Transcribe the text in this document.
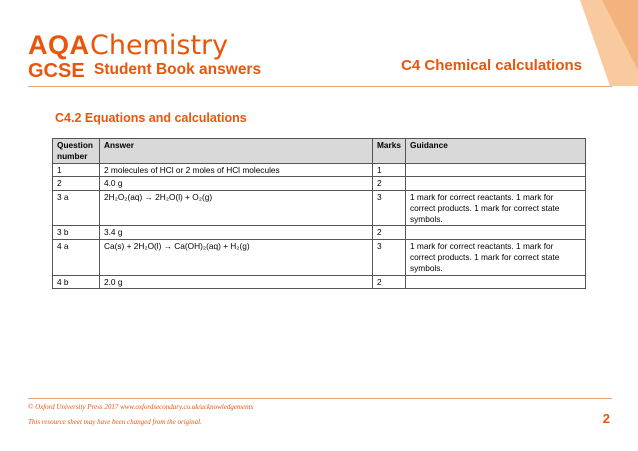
AQA Chemistry
GCSE Student Book answers	C4 Chemical calculations
C4.2 Equations and calculations
Question number	Answer	Marks	Guidance
1	2 molecules of HCl or 2 moles of HCl molecules	1	
2	4.0 g	2	
3 a	2H₂O₂(aq) → 2H₂O(l) + O₂(g)	3	1 mark for correct reactants. 1 mark for correct products. 1 mark for correct state symbols.
3 b	3.4 g	2	
4 a	Ca(s) + 2H₂O(l) → Ca(OH)₂(aq) + H₂(g)	3	1 mark for correct reactants. 1 mark for correct products. 1 mark for correct state symbols.
4 b	2.0 g	2	
© Oxford University Press 2017 www.oxfordsecondary.co.uk/acknowledgements
This resource sheet may have been changed from the original.	2
